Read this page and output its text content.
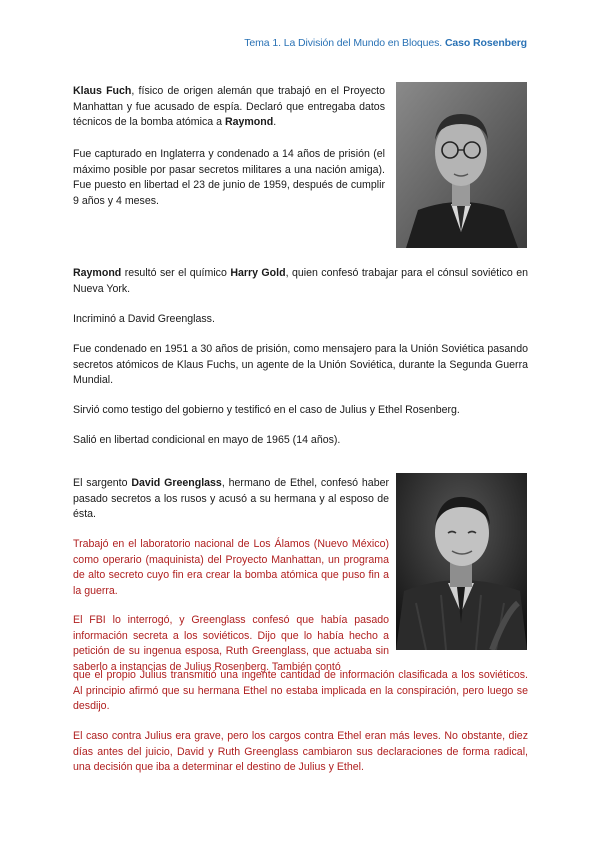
Tema 1. La División del Mundo en Bloques. Caso Rosenberg

Klaus Fuch, físico de origen alemán que trabajó en el Proyecto Manhattan y fue acusado de espía. Declaró que entregaba datos técnicos de la bomba atómica a Raymond.

Fue capturado en Inglaterra y condenado a 14 años de prisión (el máximo posible por pasar secretos militares a una nación amiga). Fue puesto en libertad el 23 de junio de 1959, después de cumplir 9 años y 4 meses.

Raymond resultó ser el químico Harry Gold, quien confesó trabajar para el cónsul soviético en Nueva York.

Incriminó a David Greenglass.

Fue condenado en 1951 a 30 años de prisión, como mensajero para la Unión Soviética pasando secretos atómicos de Klaus Fuchs, un agente de la Unión Soviética, durante la Segunda Guerra Mundial.

Sirvió como testigo del gobierno y testificó en el caso de Julius y Ethel Rosenberg.

Salió en libertad condicional en mayo de 1965 (14 años).

El sargento David Greenglass, hermano de Ethel, confesó haber pasado secretos a los rusos y acusó a su hermana y al esposo de ésta.

Trabajó en el laboratorio nacional de Los Álamos (Nuevo México) como operario (maquinista) del Proyecto Manhattan, un programa de alto secreto cuyo fin era crear la bomba atómica que puso fin a la guerra.

El FBI lo interrogó, y Greenglass confesó que había pasado información secreta a los soviéticos. Dijo que lo había hecho a petición de su ingenua esposa, Ruth Greenglass, que actuaba sin saberlo a instancias de Julius Rosenberg. También contó

que el propio Julius transmitió una ingente cantidad de información clasificada a los soviéticos. Al principio afirmó que su hermana Ethel no estaba implicada en la conspiración, pero luego se desdijo.

El caso contra Julius era grave, pero los cargos contra Ethel eran más leves. No obstante, diez días antes del juicio, David y Ruth Greenglass cambiaron sus declaraciones de forma radical, una decisión que iba a determinar el destino de Julius y Ethel.
